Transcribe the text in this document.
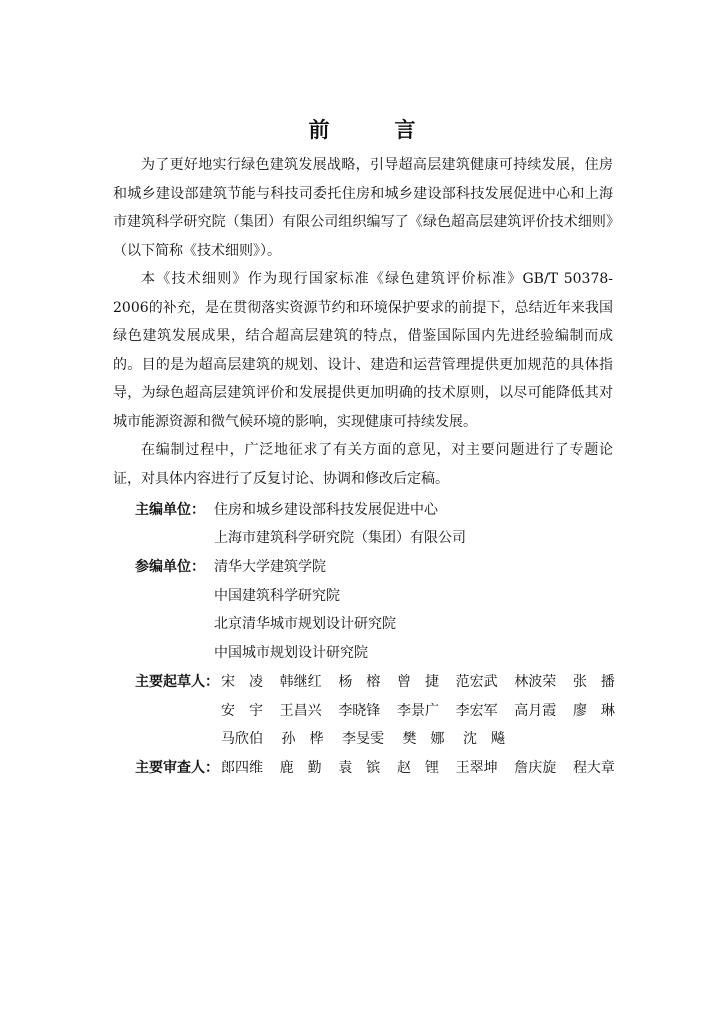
前　言

为了更好地实行绿色建筑发展战略，引导超高层建筑健康可持续发展，住房和城乡建设部建筑节能与科技司委托住房和城乡建设部科技发展促进中心和上海市建筑科学研究院（集团）有限公司组织编写了《绿色超高层建筑评价技术细则》（以下简称《技术细则》）。

本《技术细则》作为现行国家标准《绿色建筑评价标准》GB/T 50378-2006的补充，是在贯彻落实资源节约和环境保护要求的前提下，总结近年来我国绿色建筑发展成果，结合超高层建筑的特点，借鉴国际国内先进经验编制而成的。目的是为超高层建筑的规划、设计、建造和运营管理提供更加规范的具体指导，为绿色超高层建筑评价和发展提供更加明确的技术原则，以尽可能降低其对城市能源资源和微气候环境的影响，实现健康可持续发展。

在编制过程中，广泛地征求了有关方面的意见，对主要问题进行了专题论证，对具体内容进行了反复讨论、协调和修改后定稿。

主编单位： 住房和城乡建设部科技发展促进中心
上海市建筑科学研究院（集团）有限公司
参编单位： 清华大学建筑学院
中国建筑科学研究院
北京清华城市规划设计研究院
中国城市规划设计研究院
主要起草人： 宋　凌 韩继红 杨　榕 曾　捷 范宏武 林波荣 张　播
安　宇 王昌兴 李晓锋 李景广 李宏军 高月霞 廖　琳
马欣伯 孙　桦 李旻雯 樊　娜 沈　飚
主要审查人： 郎四维 鹿　勤 袁　镔 赵　锂 王翠坤 詹庆旋 程大章
